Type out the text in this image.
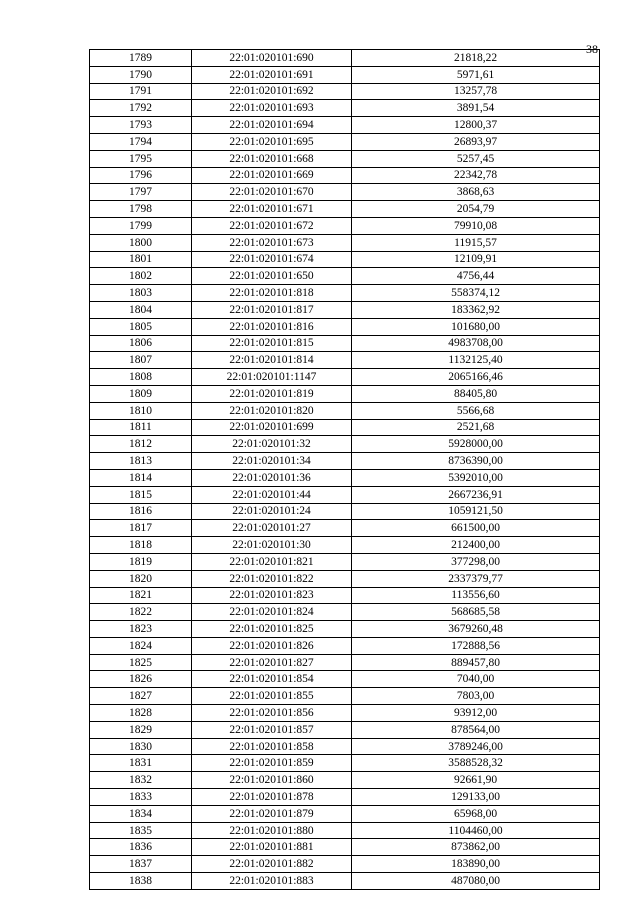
38
1789	22:01:020101:690	21818,22
1790	22:01:020101:691	5971,61
1791	22:01:020101:692	13257,78
1792	22:01:020101:693	3891,54
1793	22:01:020101:694	12800,37
1794	22:01:020101:695	26893,97
1795	22:01:020101:668	5257,45
1796	22:01:020101:669	22342,78
1797	22:01:020101:670	3868,63
1798	22:01:020101:671	2054,79
1799	22:01:020101:672	79910,08
1800	22:01:020101:673	11915,57
1801	22:01:020101:674	12109,91
1802	22:01:020101:650	4756,44
1803	22:01:020101:818	558374,12
1804	22:01:020101:817	183362,92
1805	22:01:020101:816	101680,00
1806	22:01:020101:815	4983708,00
1807	22:01:020101:814	1132125,40
1808	22:01:020101:1147	2065166,46
1809	22:01:020101:819	88405,80
1810	22:01:020101:820	5566,68
1811	22:01:020101:699	2521,68
1812	22:01:020101:32	5928000,00
1813	22:01:020101:34	8736390,00
1814	22:01:020101:36	5392010,00
1815	22:01:020101:44	2667236,91
1816	22:01:020101:24	1059121,50
1817	22:01:020101:27	661500,00
1818	22:01:020101:30	212400,00
1819	22:01:020101:821	377298,00
1820	22:01:020101:822	2337379,77
1821	22:01:020101:823	113556,60
1822	22:01:020101:824	568685,58
1823	22:01:020101:825	3679260,48
1824	22:01:020101:826	172888,56
1825	22:01:020101:827	889457,80
1826	22:01:020101:854	7040,00
1827	22:01:020101:855	7803,00
1828	22:01:020101:856	93912,00
1829	22:01:020101:857	878564,00
1830	22:01:020101:858	3789246,00
1831	22:01:020101:859	3588528,32
1832	22:01:020101:860	92661,90
1833	22:01:020101:878	129133,00
1834	22:01:020101:879	65968,00
1835	22:01:020101:880	1104460,00
1836	22:01:020101:881	873862,00
1837	22:01:020101:882	183890,00
1838	22:01:020101:883	487080,00
